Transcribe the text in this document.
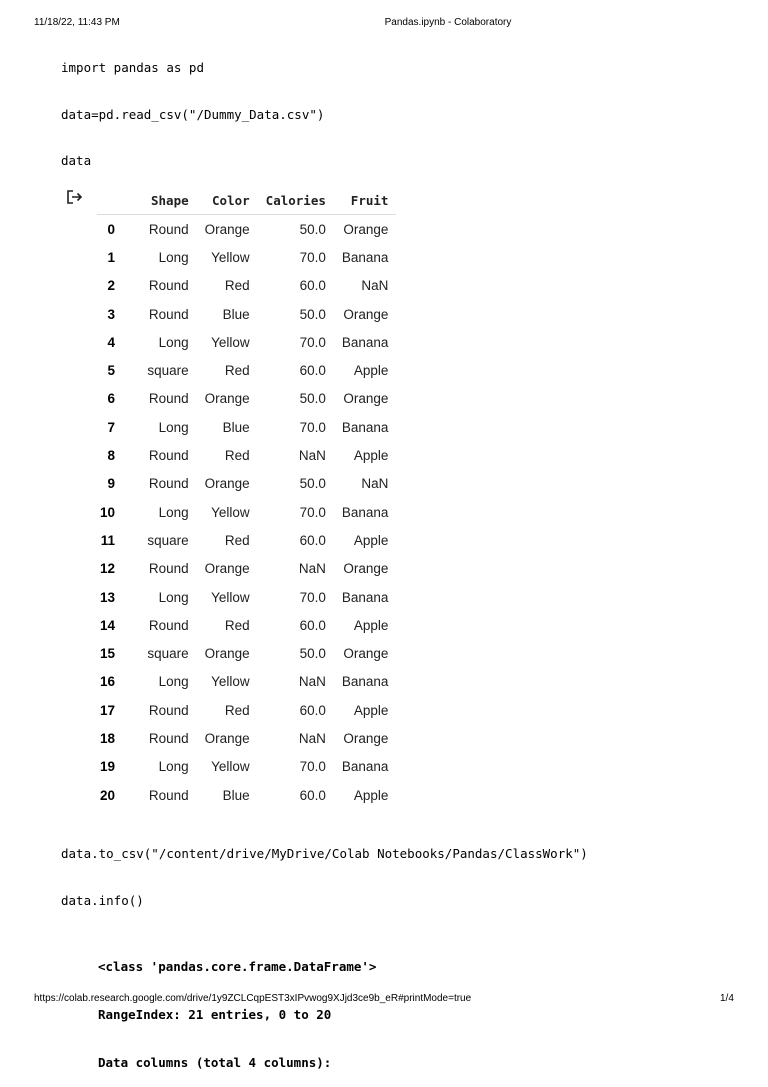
11/18/22, 11:43 PM	Pandas.ipynb - Colaboratory
import pandas as pd
data=pd.read_csv("/Dummy_Data.csv")
data
	Shape	Color	Calories	Fruit
0	Round	Orange	50.0	Orange
1	Long	Yellow	70.0	Banana
2	Round	Red	60.0	NaN
3	Round	Blue	50.0	Orange
4	Long	Yellow	70.0	Banana
5	square	Red	60.0	Apple
6	Round	Orange	50.0	Orange
7	Long	Blue	70.0	Banana
8	Round	Red	NaN	Apple
9	Round	Orange	50.0	NaN
10	Long	Yellow	70.0	Banana
11	square	Red	60.0	Apple
12	Round	Orange	NaN	Orange
13	Long	Yellow	70.0	Banana
14	Round	Red	60.0	Apple
15	square	Orange	50.0	Orange
16	Long	Yellow	NaN	Banana
17	Round	Red	60.0	Apple
18	Round	Orange	NaN	Orange
19	Long	Yellow	70.0	Banana
20	Round	Blue	60.0	Apple
data.to_csv("/content/drive/MyDrive/Colab Notebooks/Pandas/ClassWork")
data.info()

<class 'pandas.core.frame.DataFrame'>

RangeIndex: 21 entries, 0 to 20

Data columns (total 4 columns):

https://colab.research.google.com/drive/1y9ZCLCqpEST3xIPvwog9XJjd3ce9b_eR#printMode=true	1/4
